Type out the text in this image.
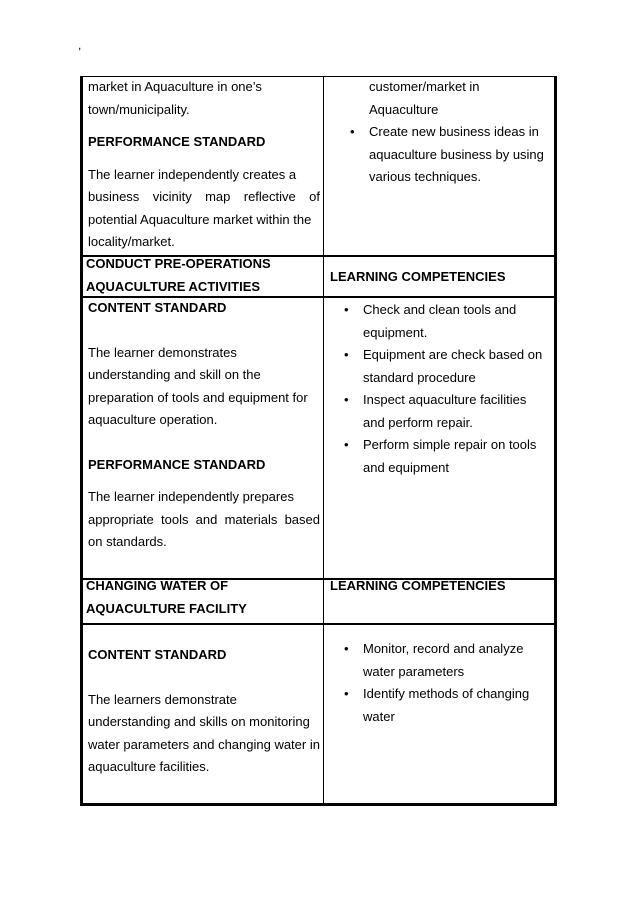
,
market in Aquaculture in one’s
town/municipality.
PERFORMANCE STANDARD
The learner independently creates a
business vicinity map reflective of
potential Aquaculture market within the
locality/market.
customer/market in
Aquaculture
• Create new business ideas in
aquaculture business by using
various techniques.
CONDUCT PRE-OPERATIONS
AQUACULTURE ACTIVITIES
LEARNING COMPETENCIES
CONTENT STANDARD
The learner demonstrates
understanding and skill on the
preparation of tools and equipment for
aquaculture operation.
PERFORMANCE STANDARD
The learner independently prepares
appropriate tools and materials based
on standards.
• Check and clean tools and
equipment.
• Equipment are check based on
standard procedure
• Inspect aquaculture facilities
and perform repair.
• Perform simple repair on tools
and equipment
CHANGING WATER OF
AQUACULTURE FACILITY
LEARNING COMPETENCIES
CONTENT STANDARD
The learners demonstrate
understanding and skills on monitoring
water parameters and changing water in
aquaculture facilities.
• Monitor, record and analyze
water parameters
• Identify methods of changing
water
